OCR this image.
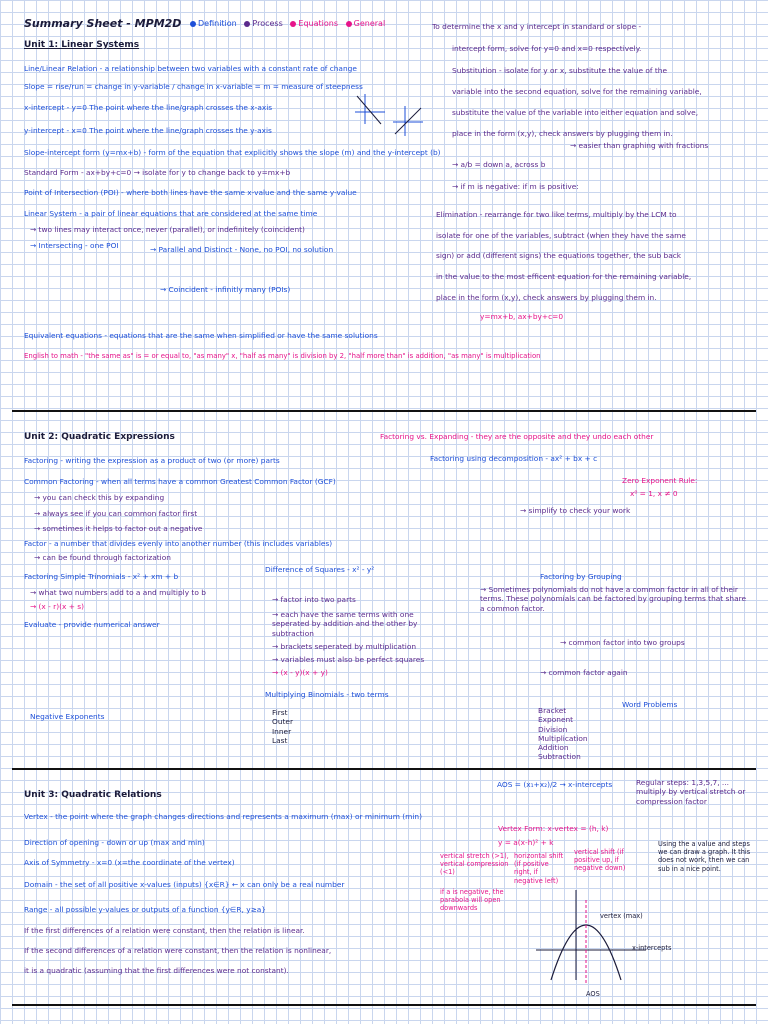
Summary Sheet - MPM2D	Definition Process Equations General
Unit 1: Linear Systems
Line/Linear Relation - a relationship between two variables with a constant rate of change
Slope = rise/run = change in y-variable / change in x-variable = m = measure of steepness
x-intercept - y=0 The point where the line/graph crosses the x-axis
y-intercept - x=0 The point where the line/graph crosses the y-axis
Slope-intercept form (y=mx+b) - form of the equation that explicitly shows the slope (m) and the y-intercept (b)
Standard Form - ax+by+c=0 → isolate for y to change back to y=mx+b
Point of Intersection (POI) - where both lines have the same x-value and the same y-value
Linear System - a pair of linear equations that are considered at the same time
→ two lines may interact once, never (parallel), or indefinitely (coincident)
→ Intersecting - one POI	→ Parallel and Distinct - None, no POI, no solution
→ Coincident - infinitly many (POIs)
Equivalent equations - equations that are the same when simplified or have the same solutions
English to math - "the same as" is = or equal to, "as many" x, "half as many" is division by 2, "half more than" is addition, "as many" is multiplication
To determine the x and y intercept in standard or slope -
intercept form, solve for y=0 and x=0 respectively.
Substitution - isolate for y or x, substitute the value of the
variable into the second equation, solve for the remaining variable,
substitute the value of the variable into either equation and solve,
place in the form (x,y), check answers by plugging them in.
→ easier than graphing with fractions
→ a/b = down a, across b
→ if m is negative: if m is positive:
Elimination - rearrange for two like terms, multiply by the LCM to
isolate for one of the variables, subtract (when they have the same
sign) or add (different signs) the equations together, the sub back
in the value to the most efficent equation for the remaining variable,
place in the form (x,y), check answers by plugging them in.
y=mx+b, ax+by+c=0
Unit 2: Quadratic Expressions	Factoring vs. Expanding - they are the opposite and they undo each other
Factoring - writing the expression as a product of two (or more) parts
Common Factoring - when all terms have a common Greatest Common Factor (GCF)
→ you can check this by expanding
→ always see if you can common factor first
→ sometimes it helps to factor out a negative
Factor - a number that divides evenly into another number (this includes variables)
→ can be found through factorization
Factoring Simple Trinomials - x² + xm + b
→ what two numbers add to a and multiply to b
→ (x - r)(x + s)
Evaluate - provide numerical answer
Negative Exponents
Difference of Squares - x² - y²
→ factor into two parts
→ each have the same terms with one seperated by addition and the other by subtraction
→ brackets seperated by multiplication
→ variables must also be perfect squares
→ (x - y)(x + y)
Multiplying Binomials - two terms
First Outer Inner Last
Factoring using decomposition - ax² + bx + c
Zero Exponent Rule:
x⁰ = 1, x ≠ 0
→ simplify to check your work
Factoring by Grouping
→ Sometimes polynomials do not have a common factor in all of their terms. These polynomials can be factored by grouping terms that share a common factor.
→ common factor into two groups
→ common factor again
Word Problems
Bracket Exponent Division Multiplication Addition Subtraction
Unit 3: Quadratic Relations
Vertex - the point where the graph changes directions and represents a maximum (max) or minimum (min)
Direction of opening - down or up (max and min)
Axis of Symmetry - x=0 (x=the coordinate of the vertex)
Domain - the set of all positive x-values (inputs) {x∈R} ← x can only be a real number
Range - all possible y-values or outputs of a function {y∈R, y≥a}
If the first differences of a relation were constant, then the relation is linear.
If the second differences of a relation were constant, then the relation is nonlinear,
it is a quadratic (assuming that the first differences were not constant).
AOS = (x₁+x₂)/2 → x-intercepts	Regular steps: 1,3,5,7, ... multiply by vertical stretch or compression factor
Vertex Form: x-vertex = (h, k)
y = a(x-h)² + k
vertical stretch (>1), vertical compression (<1)
horizontal shift (if positive right, if negative left)
vertical shift (if positive up, if negative down)
Using the a value and steps we can draw a graph. It this does not work, then we can sub in a nice point.
if a is negative, the parabola will open downwards
vertex (max)
x-intercepts
AOS
